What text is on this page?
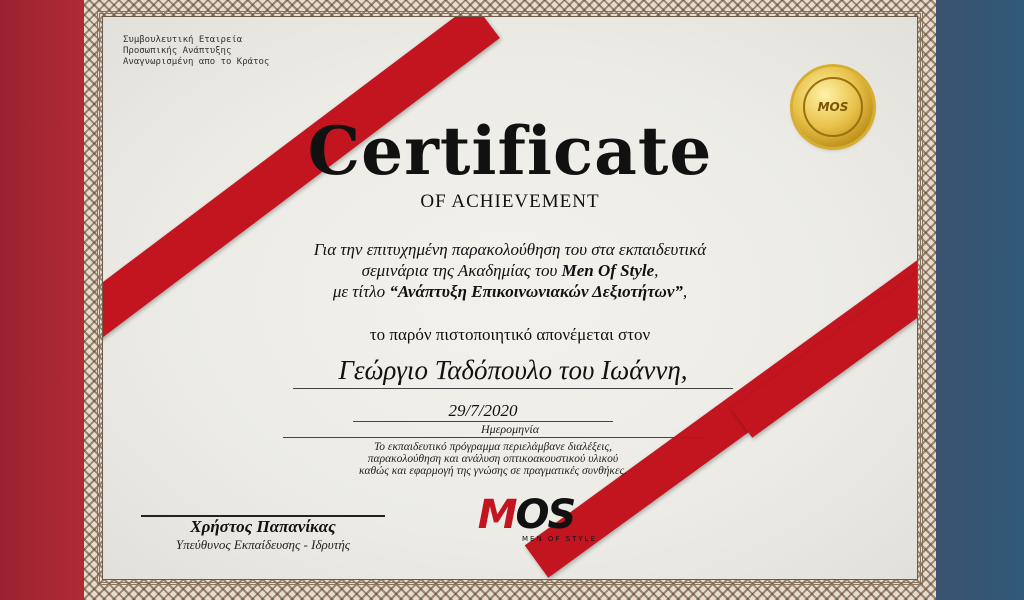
Συμβουλευτική Εταιρεία
Προσωπικής Ανάπτυξης
Αναγνωρισμένη απο το Κράτος
MOS
Certificate
OF ACHIEVEMENT
Για την επιτυχημένη παρακολούθηση του στα εκπαιδευτικά
σεμινάρια της Ακαδημίας του Men Of Style,
με τίτλο “Ανάπτυξη Επικοινωνιακών Δεξιοτήτων”,
το παρόν πιστοποιητικό απονέμεται στον
Γεώργιο Ταδόπουλο του Ιωάννη,
29/7/2020
Ημερομηνία
Το εκπαιδευτικό πρόγραμμα περιελάμβανε διαλέξεις,
παρακολούθηση και ανάλυση οπτικοακουστικού υλικού
καθώς και εφαρμογή της γνώσης σε πραγματικές συνθήκες.
Χρήστος Παπανίκας
Υπεύθυνος Εκπαίδευσης - Ιδρυτής
MOS
MEN OF STYLE
